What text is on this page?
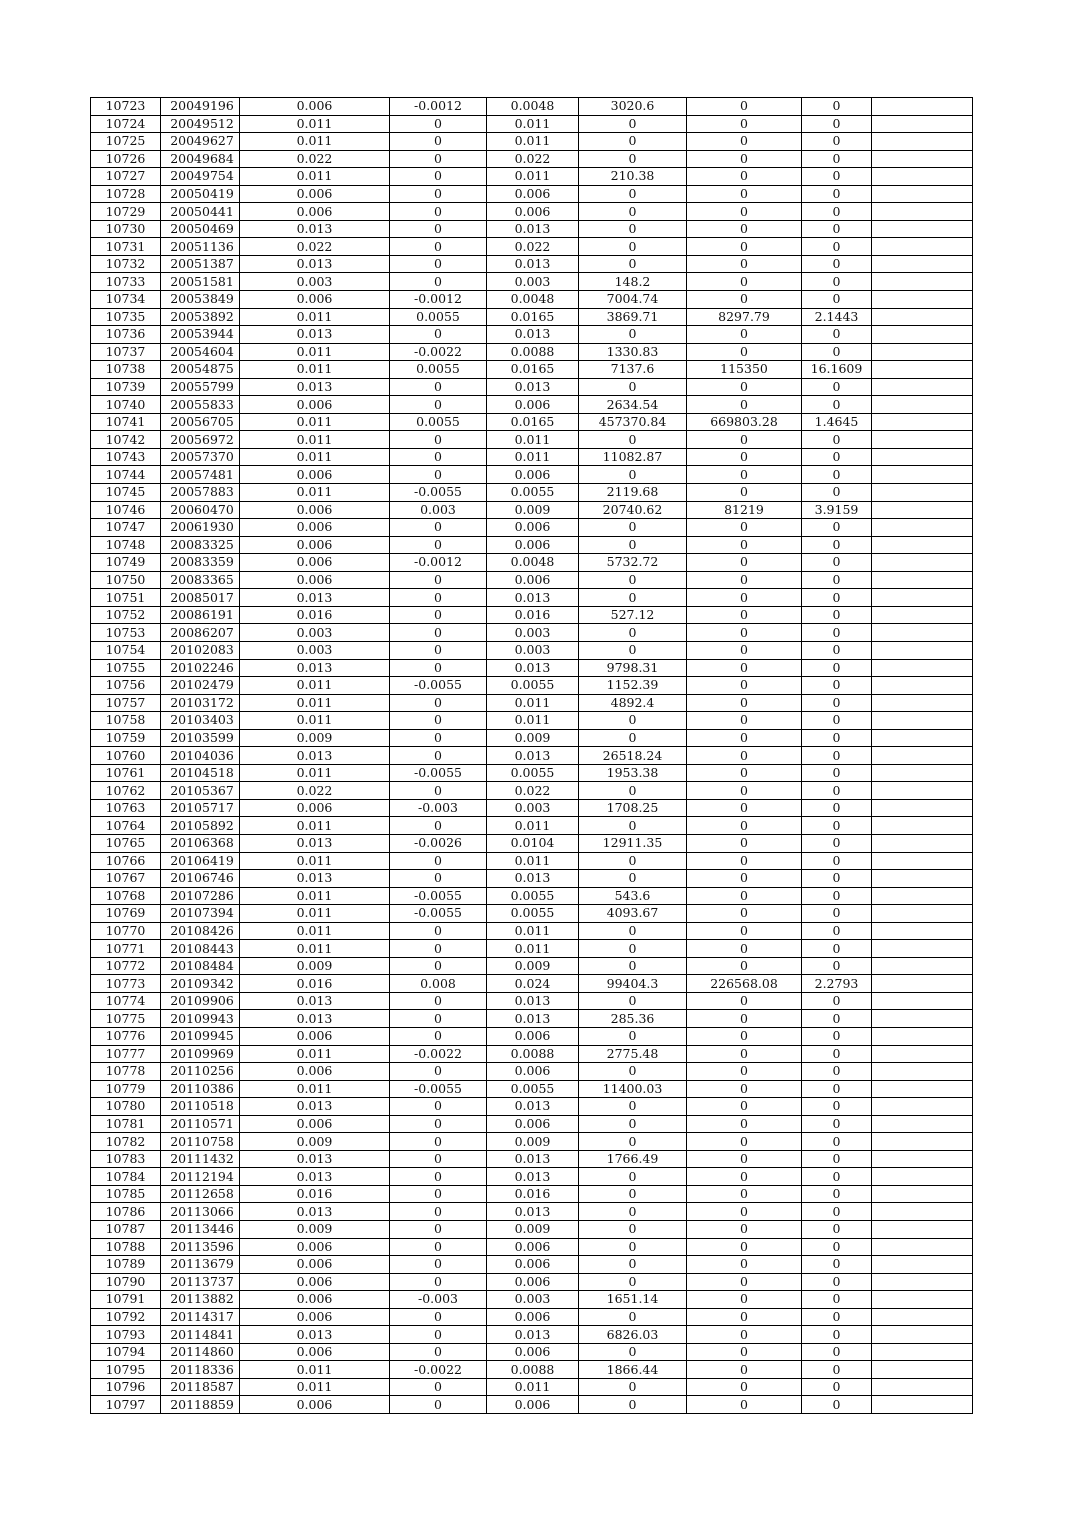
10723	20049196	0.006	-0.0012	0.0048	3020.6	0	0	
10724	20049512	0.011	0	0.011	0	0	0	
10725	20049627	0.011	0	0.011	0	0	0	
10726	20049684	0.022	0	0.022	0	0	0	
10727	20049754	0.011	0	0.011	210.38	0	0	
10728	20050419	0.006	0	0.006	0	0	0	
10729	20050441	0.006	0	0.006	0	0	0	
10730	20050469	0.013	0	0.013	0	0	0	
10731	20051136	0.022	0	0.022	0	0	0	
10732	20051387	0.013	0	0.013	0	0	0	
10733	20051581	0.003	0	0.003	148.2	0	0	
10734	20053849	0.006	-0.0012	0.0048	7004.74	0	0	
10735	20053892	0.011	0.0055	0.0165	3869.71	8297.79	2.1443	
10736	20053944	0.013	0	0.013	0	0	0	
10737	20054604	0.011	-0.0022	0.0088	1330.83	0	0	
10738	20054875	0.011	0.0055	0.0165	7137.6	115350	16.1609	
10739	20055799	0.013	0	0.013	0	0	0	
10740	20055833	0.006	0	0.006	2634.54	0	0	
10741	20056705	0.011	0.0055	0.0165	457370.84	669803.28	1.4645	
10742	20056972	0.011	0	0.011	0	0	0	
10743	20057370	0.011	0	0.011	11082.87	0	0	
10744	20057481	0.006	0	0.006	0	0	0	
10745	20057883	0.011	-0.0055	0.0055	2119.68	0	0	
10746	20060470	0.006	0.003	0.009	20740.62	81219	3.9159	
10747	20061930	0.006	0	0.006	0	0	0	
10748	20083325	0.006	0	0.006	0	0	0	
10749	20083359	0.006	-0.0012	0.0048	5732.72	0	0	
10750	20083365	0.006	0	0.006	0	0	0	
10751	20085017	0.013	0	0.013	0	0	0	
10752	20086191	0.016	0	0.016	527.12	0	0	
10753	20086207	0.003	0	0.003	0	0	0	
10754	20102083	0.003	0	0.003	0	0	0	
10755	20102246	0.013	0	0.013	9798.31	0	0	
10756	20102479	0.011	-0.0055	0.0055	1152.39	0	0	
10757	20103172	0.011	0	0.011	4892.4	0	0	
10758	20103403	0.011	0	0.011	0	0	0	
10759	20103599	0.009	0	0.009	0	0	0	
10760	20104036	0.013	0	0.013	26518.24	0	0	
10761	20104518	0.011	-0.0055	0.0055	1953.38	0	0	
10762	20105367	0.022	0	0.022	0	0	0	
10763	20105717	0.006	-0.003	0.003	1708.25	0	0	
10764	20105892	0.011	0	0.011	0	0	0	
10765	20106368	0.013	-0.0026	0.0104	12911.35	0	0	
10766	20106419	0.011	0	0.011	0	0	0	
10767	20106746	0.013	0	0.013	0	0	0	
10768	20107286	0.011	-0.0055	0.0055	543.6	0	0	
10769	20107394	0.011	-0.0055	0.0055	4093.67	0	0	
10770	20108426	0.011	0	0.011	0	0	0	
10771	20108443	0.011	0	0.011	0	0	0	
10772	20108484	0.009	0	0.009	0	0	0	
10773	20109342	0.016	0.008	0.024	99404.3	226568.08	2.2793	
10774	20109906	0.013	0	0.013	0	0	0	
10775	20109943	0.013	0	0.013	285.36	0	0	
10776	20109945	0.006	0	0.006	0	0	0	
10777	20109969	0.011	-0.0022	0.0088	2775.48	0	0	
10778	20110256	0.006	0	0.006	0	0	0	
10779	20110386	0.011	-0.0055	0.0055	11400.03	0	0	
10780	20110518	0.013	0	0.013	0	0	0	
10781	20110571	0.006	0	0.006	0	0	0	
10782	20110758	0.009	0	0.009	0	0	0	
10783	20111432	0.013	0	0.013	1766.49	0	0	
10784	20112194	0.013	0	0.013	0	0	0	
10785	20112658	0.016	0	0.016	0	0	0	
10786	20113066	0.013	0	0.013	0	0	0	
10787	20113446	0.009	0	0.009	0	0	0	
10788	20113596	0.006	0	0.006	0	0	0	
10789	20113679	0.006	0	0.006	0	0	0	
10790	20113737	0.006	0	0.006	0	0	0	
10791	20113882	0.006	-0.003	0.003	1651.14	0	0	
10792	20114317	0.006	0	0.006	0	0	0	
10793	20114841	0.013	0	0.013	6826.03	0	0	
10794	20114860	0.006	0	0.006	0	0	0	
10795	20118336	0.011	-0.0022	0.0088	1866.44	0	0	
10796	20118587	0.011	0	0.011	0	0	0	
10797	20118859	0.006	0	0.006	0	0	0	
